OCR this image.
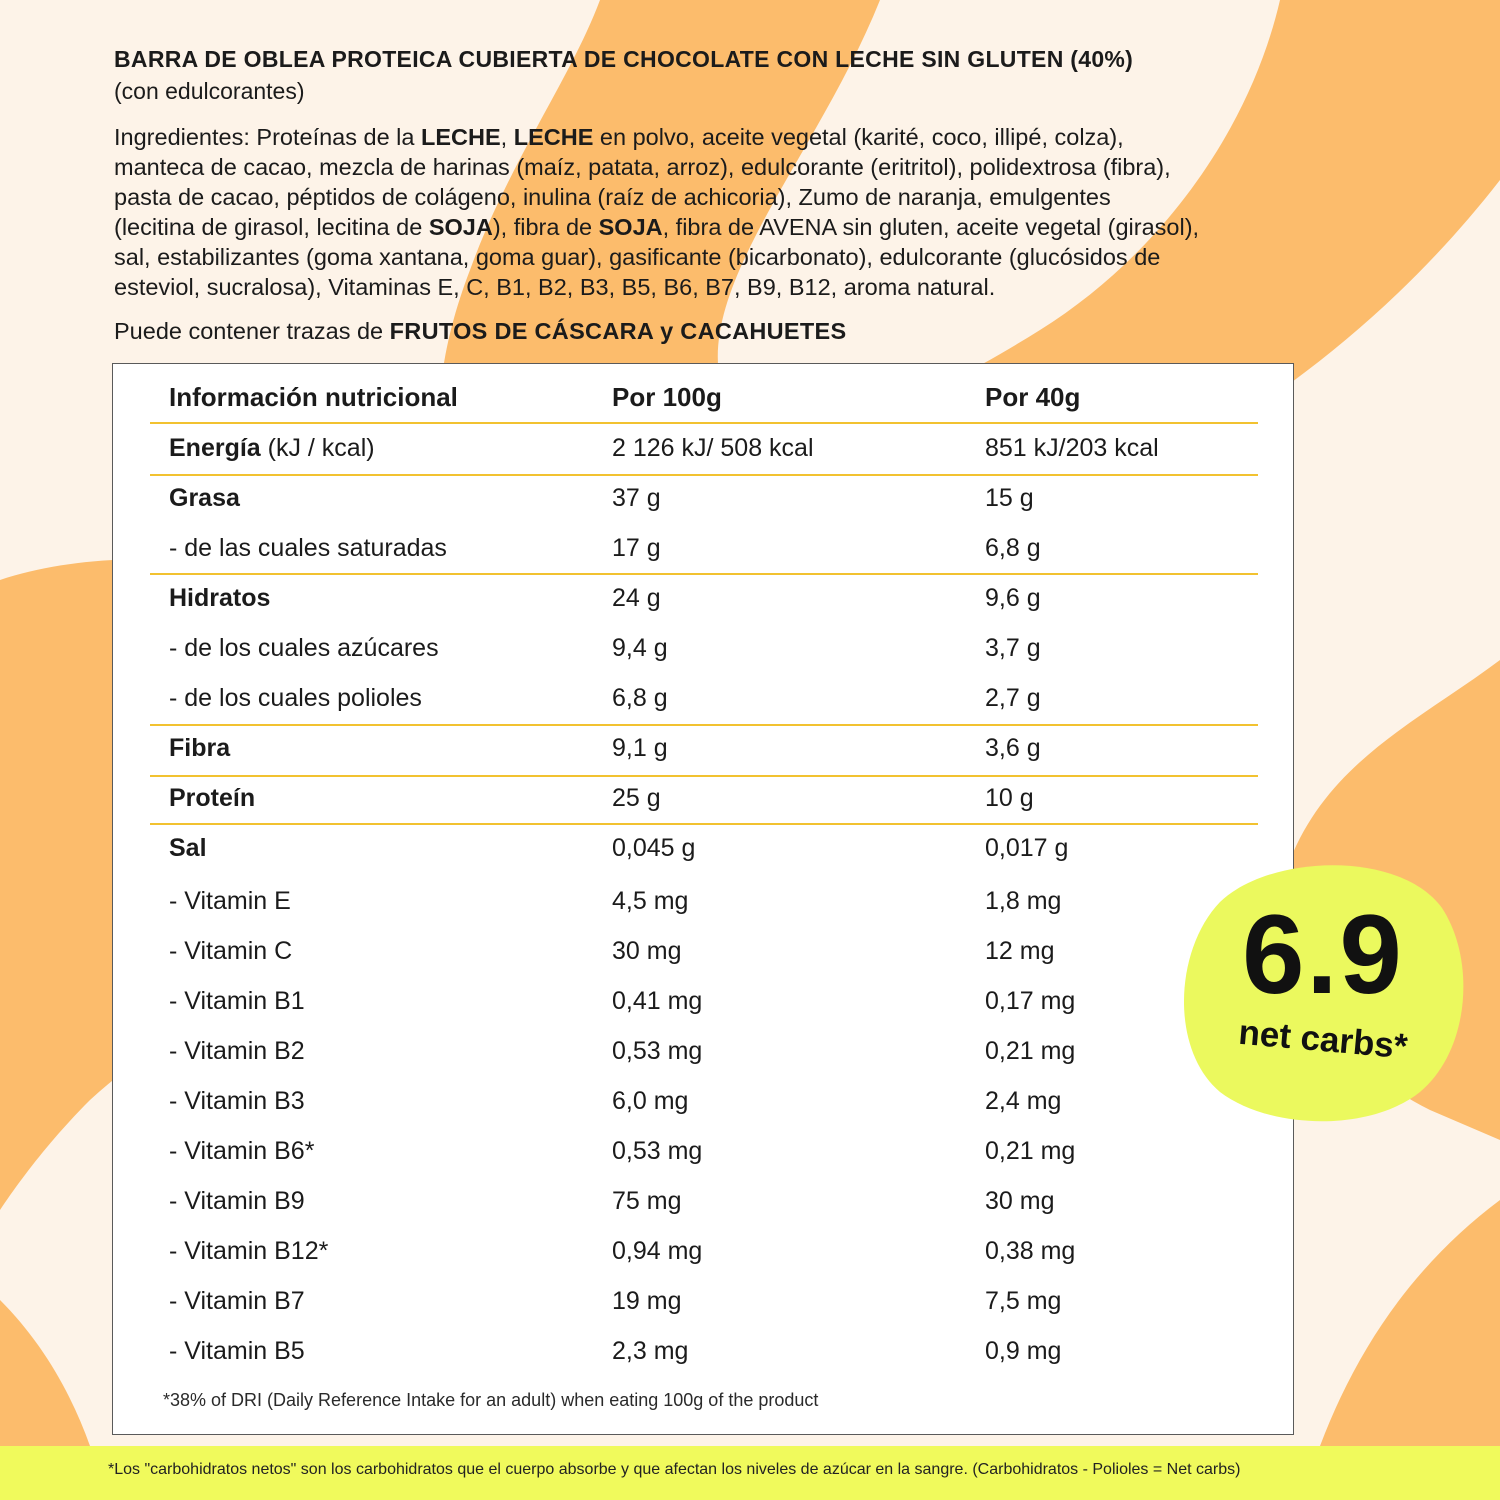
BARRA DE OBLEA PROTEICA CUBIERTA DE CHOCOLATE CON LECHE SIN GLUTEN (40%)
(con edulcorantes)
Ingredientes: Proteínas de la LECHE, LECHE en polvo, aceite vegetal (karité, coco, illipé, colza),
manteca de cacao, mezcla de harinas (maíz, patata, arroz), edulcorante (eritritol), polidextrosa (fibra),
pasta de cacao, péptidos de colágeno, inulina (raíz de achicoria), Zumo de naranja, emulgentes
(lecitina de girasol, lecitina de SOJA), fibra de SOJA, fibra de AVENA sin gluten, aceite vegetal (girasol),
sal, estabilizantes (goma xantana, goma guar), gasificante (bicarbonato), edulcorante (glucósidos de
esteviol, sucralosa), Vitaminas E, C, B1, B2, B3, B5, B6, B7, B9, B12, aroma natural.
Puede contener trazas de FRUTOS DE CÁSCARA y CACAHUETES
Información nutricional	Por 100g	Por 40g
Energía (kJ / kcal)	2 126 kJ/ 508 kcal	851 kJ/203 kcal
Grasa	37 g	15 g
- de las cuales saturadas	17 g	6,8 g
Hidratos	24 g	9,6 g
- de los cuales azúcares	9,4 g	3,7 g
- de los cuales polioles	6,8 g	2,7 g
Fibra	9,1 g	3,6 g
Proteín	25 g	10 g
Sal	0,045 g	0,017 g
- Vitamin E	4,5 mg	1,8 mg
- Vitamin C	30 mg	12 mg
- Vitamin B1	0,41 mg	0,17 mg
- Vitamin B2	0,53 mg	0,21 mg
- Vitamin B3	6,0 mg	2,4 mg
- Vitamin B6*	0,53 mg	0,21 mg
- Vitamin B9	75 mg	30 mg
- Vitamin B12*	0,94 mg	0,38 mg
- Vitamin B7	19 mg	7,5 mg
- Vitamin B5	2,3 mg	0,9 mg
*38% of DRI (Daily Reference Intake for an adult) when eating 100g of the product
6.9
net carbs*
*Los "carbohidratos netos" son los carbohidratos que el cuerpo absorbe y que afectan los niveles de azúcar en la sangre. (Carbohidratos - Polioles = Net carbs)
